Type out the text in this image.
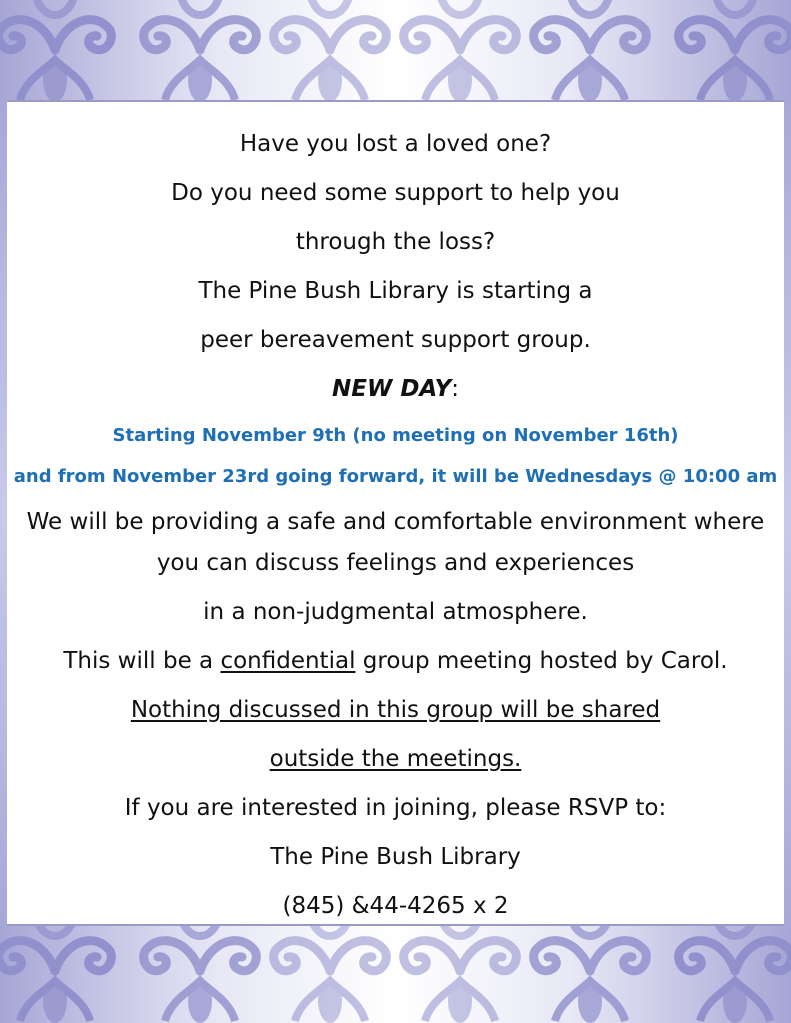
Have you lost a loved one?
Do you need some support to help you
through the loss?
The Pine Bush Library is starting a
peer bereavement support group.
NEW DAY:
Starting November 9th (no meeting on November 16th)
and from November 23rd going forward, it will be Wednesdays @ 10:00 am
We will be providing a safe and comfortable environment where
you can discuss feelings and experiences
in a non-judgmental atmosphere.
This will be a confidential group meeting hosted by Carol.
Nothing discussed in this group will be shared
outside the meetings.
If you are interested in joining, please RSVP to:
The Pine Bush Library
(845) &44-4265 x 2
